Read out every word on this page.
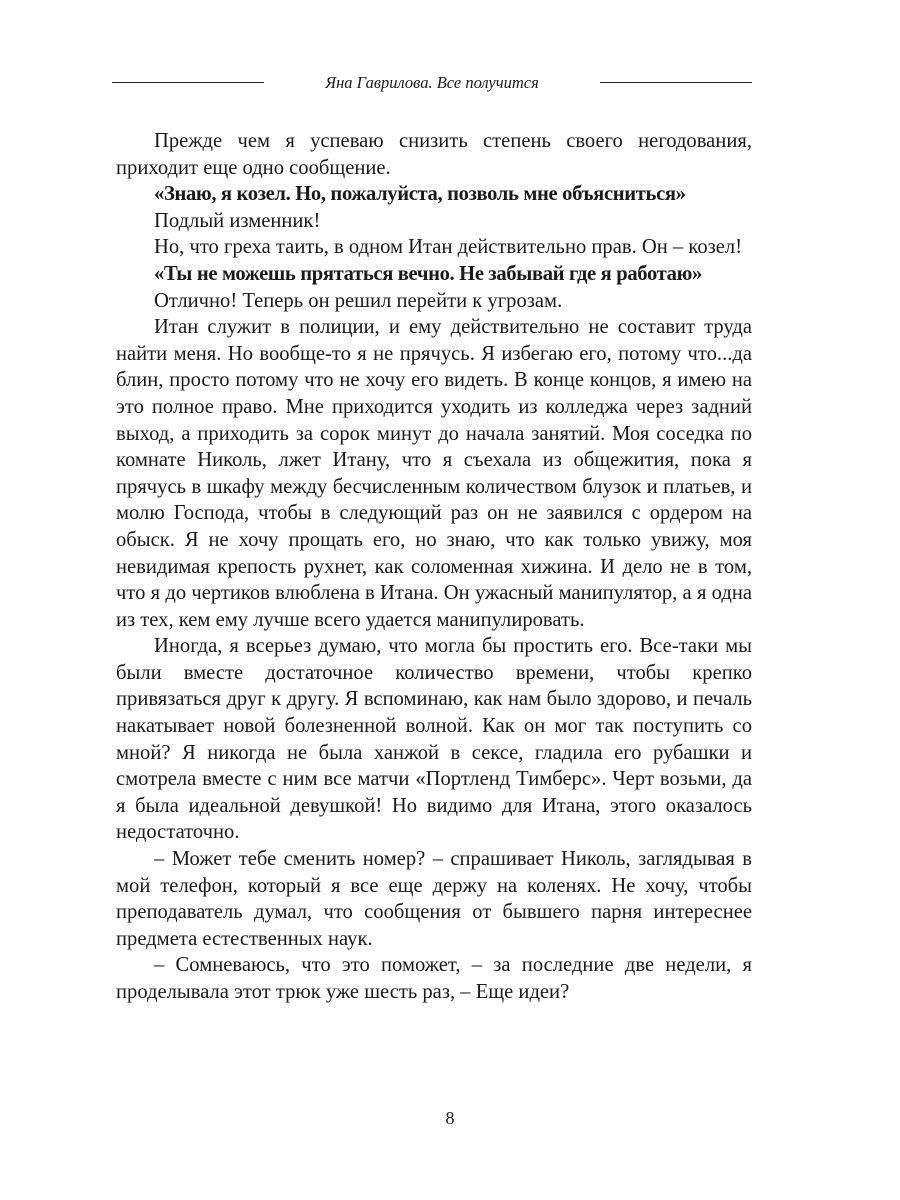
Яна Гаврилова. Все получится

Прежде чем я успеваю снизить степень своего негодования, приходит еще одно сообщение.

«Знаю, я козел. Но, пожалуйста, позволь мне объясниться»

Подлый изменник!

Но, что греха таить, в одном Итан действительно прав. Он – козел!

«Ты не можешь прятаться вечно. Не забывай где я работаю»

Отлично! Теперь он решил перейти к угрозам.

Итан служит в полиции, и ему действительно не составит труда найти меня. Но вообще-то я не прячусь. Я избегаю его, потому что...да блин, просто потому что не хочу его видеть. В конце концов, я имею на это полное право. Мне приходится уходить из колледжа через задний выход, а приходить за сорок минут до начала занятий. Моя соседка по комнате Николь, лжет Итану, что я съехала из общежития, пока я прячусь в шкафу между бесчисленным количеством блузок и платьев, и молю Господа, чтобы в следующий раз он не заявился с ордером на обыск. Я не хочу прощать его, но знаю, что как только увижу, моя невидимая крепость рухнет, как соломенная хижина. И дело не в том, что я до чертиков влюблена в Итана. Он ужасный манипулятор, а я одна из тех, кем ему лучше всего удается манипулировать.

Иногда, я всерьез думаю, что могла бы простить его. Все-таки мы были вместе достаточное количество времени, чтобы крепко привязаться друг к другу. Я вспоминаю, как нам было здорово, и печаль накатывает новой болезненной волной. Как он мог так поступить со мной? Я никогда не была ханжой в сексе, гладила его рубашки и смотрела вместе с ним все матчи «Портленд Тимберс». Черт возьми, да я была идеальной девушкой! Но видимо для Итана, этого оказалось недостаточно.

– Может тебе сменить номер? – спрашивает Николь, заглядывая в мой телефон, который я все еще держу на коленях. Не хочу, чтобы преподаватель думал, что сообщения от бывшего парня интереснее предмета естественных наук.

– Сомневаюсь, что это поможет, – за последние две недели, я проделывала этот трюк уже шесть раз, – Еще идеи?

8
